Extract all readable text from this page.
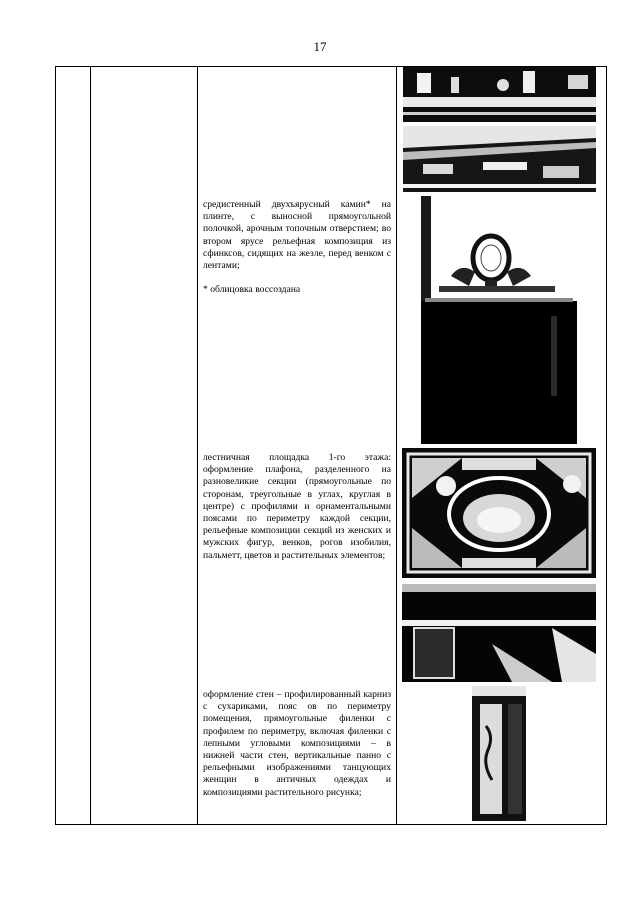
17

средистенный двухъярусный камин* на плинте, с выносной прямоугольной полочкой, арочным топочным отверстием; во втором ярусе рельефная композиция из сфинксов, сидящих на жезле, перед венком с лентами;

* облицовка воссоздана

лестничная площадка 1-го этажа: оформление плафона, разделенного на разновеликие секции (прямоугольные по сторонам, треугольные в углах, круглая в центре) с профилями и орнаментальными поясами по периметру каждой секции, рельефные композиции секций из женских и мужских фигур, венков, рогов изобилия, пальметт, цветов и растительных элементов;

оформление стен – профилированный карниз с сухариками, пояс ов по периметру помещения, прямоугольные филенки с профилем по периметру, включая филенки с лепными угловыми композициями – в нижней части стен, вертикальные панно с рельефными изображениями танцующих женщин в античных одеждах и композициями растительного рисунка;
